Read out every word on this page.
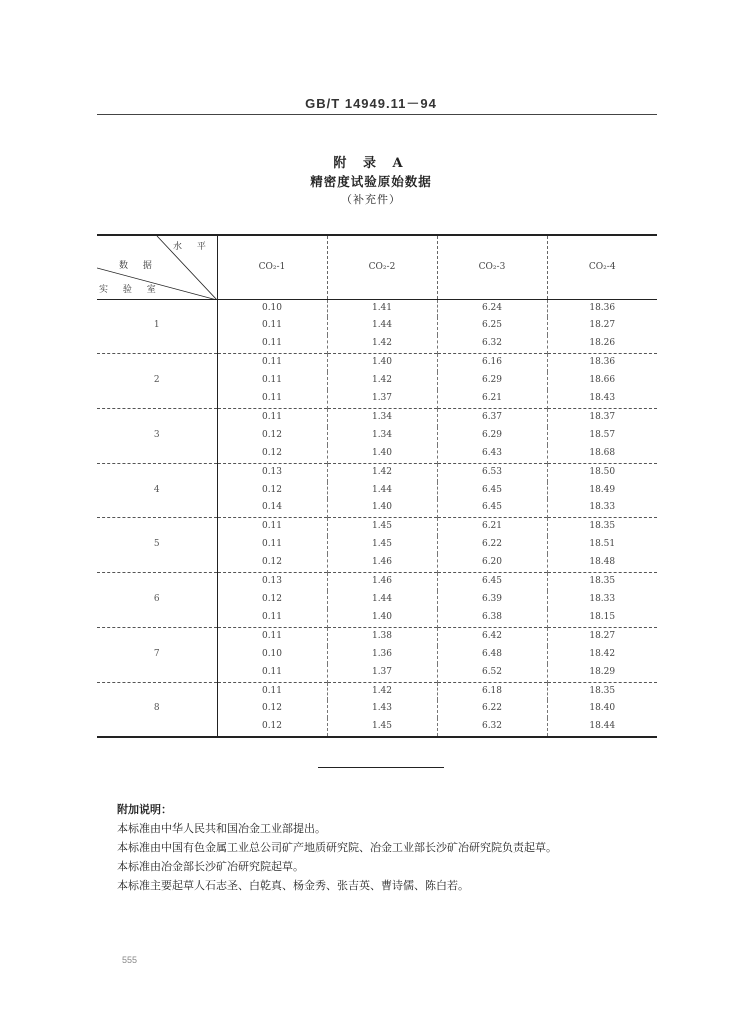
GB/T 14949.11－94
附 录 A
精密度试验原始数据
（补充件）
水 平
数 据
实 验 室	CO₂-1	CO₂-2	CO₂-3	CO₂-4
1	0.10	1.41	6.24	18.36
	0.11	1.44	6.25	18.27
	0.11	1.42	6.32	18.26
2	0.11	1.40	6.16	18.36
	0.11	1.42	6.29	18.66
	0.11	1.37	6.21	18.43
3	0.11	1.34	6.37	18.37
	0.12	1.34	6.29	18.57
	0.12	1.40	6.43	18.68
4	0.13	1.42	6.53	18.50
	0.12	1.44	6.45	18.49
	0.14	1.40	6.45	18.33
5	0.11	1.45	6.21	18.35
	0.11	1.45	6.22	18.51
	0.12	1.46	6.20	18.48
6	0.13	1.46	6.45	18.35
	0.12	1.44	6.39	18.33
	0.11	1.40	6.38	18.15
7	0.11	1.38	6.42	18.27
	0.10	1.36	6.48	18.42
	0.11	1.37	6.52	18.29
8	0.11	1.42	6.18	18.35
	0.12	1.43	6.22	18.40
	0.12	1.45	6.32	18.44
附加说明：
本标准由中华人民共和国冶金工业部提出。
本标准由中国有色金属工业总公司矿产地质研究院、冶金工业部长沙矿冶研究院负责起草。
本标准由冶金部长沙矿冶研究院起草。
本标准主要起草人石志圣、白乾真、杨金秀、张吉英、曹诗儒、陈白若。
555
